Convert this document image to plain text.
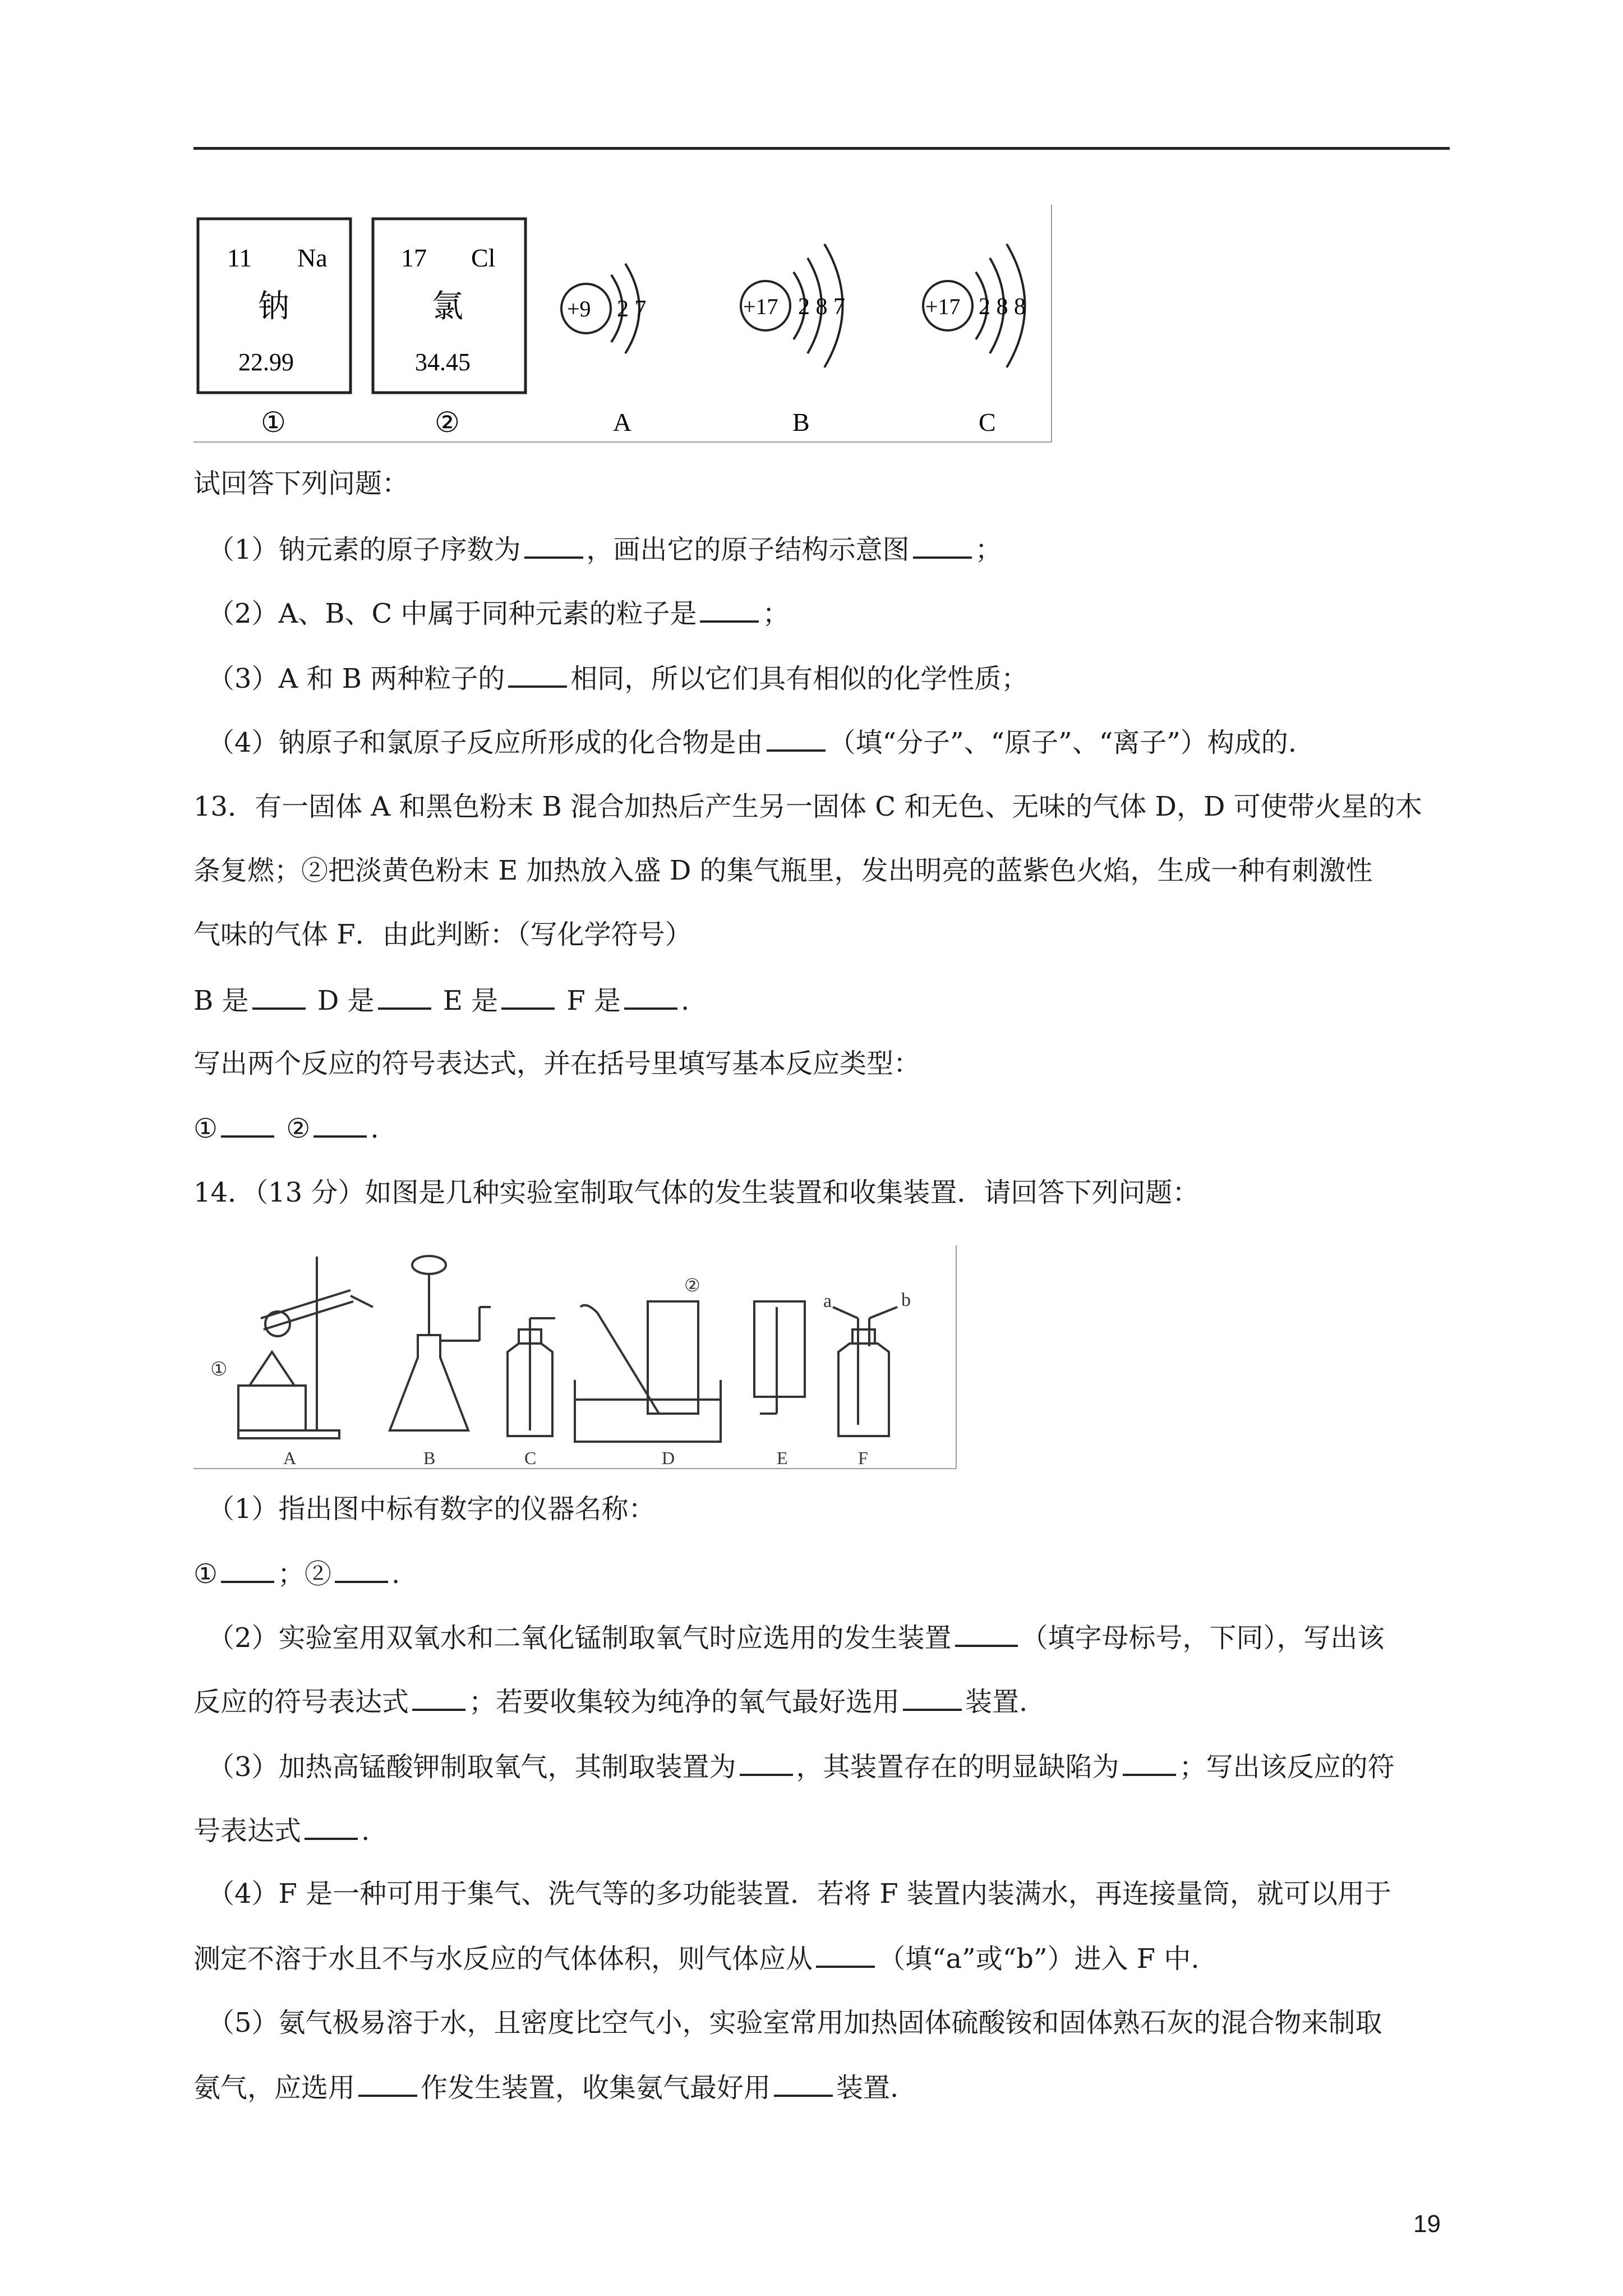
11 Na
钠
22.99
①
17 Cl
氯
34.45
②
+9 2 7
A
+17 2 8 7
B
+17 2 8 8
C
试回答下列问题：
（1）钠元素的原子序数为 ，画出它的原子结构示意图 ；
（2）A、B、C 中属于同种元素的粒子是 ；
（3）A 和 B 两种粒子的 相同，所以它们具有相似的化学性质；
（4）钠原子和氯原子反应所形成的化合物是由 （填“分子”、“原子”、“离子”）构成的.
13．有一固体 A 和黑色粉末 B 混合加热后产生另一固体 C 和无色、无味的气体 D，D 可使带火星的木
条复燃；②把淡黄色粉末 E 加热放入盛 D 的集气瓶里，发出明亮的蓝紫色火焰，生成一种有刺激性
气味的气体 F．由此判断：（写化学符号）
B 是	D 是	E 是	F 是 .
写出两个反应的符号表达式，并在括号里填写基本反应类型：
①	② .
14．（13 分）如图是几种实验室制取气体的发生装置和收集装置．请回答下列问题：
①
②
a	b
A	B	C	D	E	F
（1）指出图中标有数字的仪器名称：
① ；② .
（2）实验室用双氧水和二氧化锰制取氧气时应选用的发生装置	（填字母标号，下同），写出该
反应的符号表达式 ；若要收集较为纯净的氧气最好选用 装置.
（3）加热高锰酸钾制取氧气，其制取装置为 ，其装置存在的明显缺陷为 ；写出该反应的符
号表达式 .
（4）F 是一种可用于集气、洗气等的多功能装置．若将 F 装置内装满水，再连接量筒，就可以用于
测定不溶于水且不与水反应的气体体积，则气体应从 （填“a”或“b”）进入 F 中.
（5）氨气极易溶于水，且密度比空气小，实验室常用加热固体硫酸铵和固体熟石灰的混合物来制取
氨气，应选用 作发生装置，收集氨气最好用 装置.
19
